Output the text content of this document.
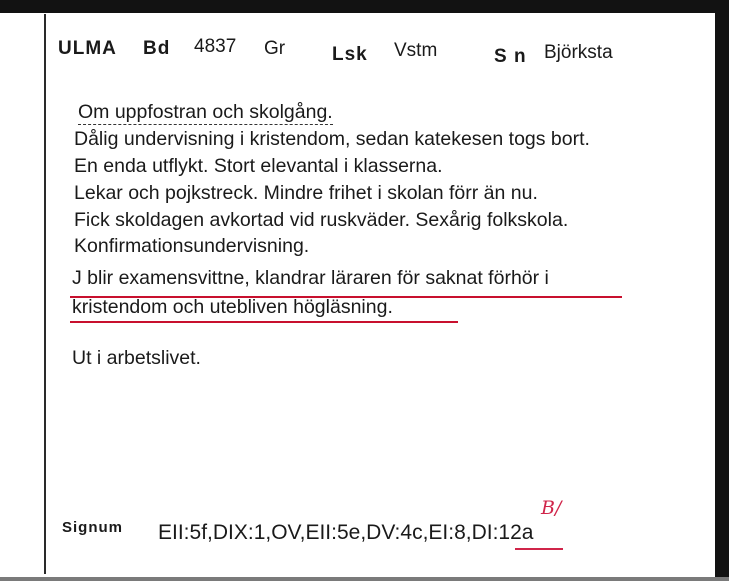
ULMA Bd 4837 Gr Lsk Vstm	S n Björksta
Om uppfostran och skolgång.
Dålig undervisning i kristendom, sedan katekesen togs bort.
En enda utflykt. Stort elevantal i klasserna.
Lekar och pojkstreck. Mindre frihet i skolan förr än nu.
Fick skoldagen avkortad vid ruskväder. Sexårig folkskola.
Konfirmationsundervisning.
J blir examensvittne, klandrar läraren för saknat förhör i
kristendom och utebliven högläsning.
Ut i arbetslivet.
Signum EII:5f,DIX:1,OV,EII:5e,DV:4c,EI:8,DI:12a
B/
